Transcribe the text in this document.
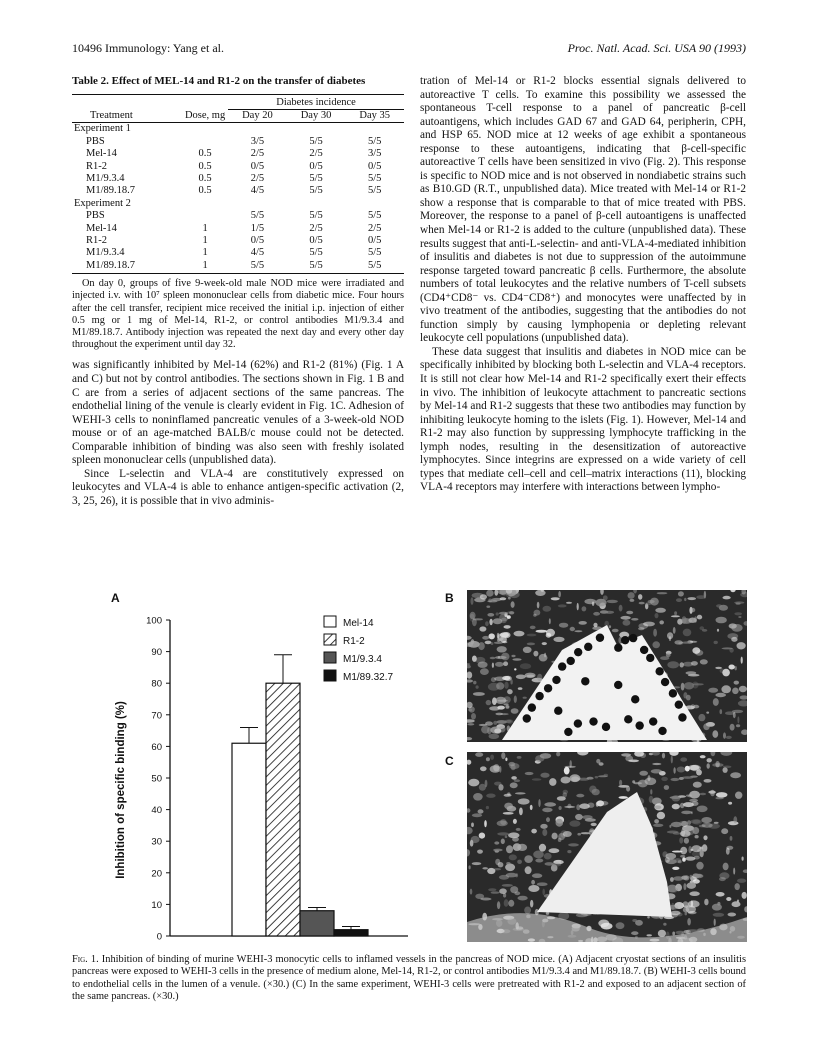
10496 Immunology: Yang et al.	Proc. Natl. Acad. Sci. USA 90 (1993)
Table 2. Effect of MEL-14 and R1-2 on the transfer of diabetes
Treatment	Dose, mg	Diabetes incidence		
		Day 20	Day 30	Day 35
Experiment 1				
PBS		3/5	5/5	5/5
Mel-14	0.5	2/5	2/5	3/5
R1-2	0.5	0/5	0/5	0/5
M1/9.3.4	0.5	2/5	5/5	5/5
M1/89.18.7	0.5	4/5	5/5	5/5
Experiment 2				
PBS		5/5	5/5	5/5
Mel-14	1	1/5	2/5	2/5
R1-2	1	0/5	0/5	0/5
M1/9.3.4	1	4/5	5/5	5/5
M1/89.18.7	1	5/5	5/5	5/5
On day 0, groups of five 9-week-old male NOD mice were irradiated and injected i.v. with 10⁷ spleen mononuclear cells from diabetic mice. Four hours after the cell transfer, recipient mice received the initial i.p. injection of either 0.5 mg or 1 mg of Mel-14, R1-2, or control antibodies M1/9.3.4 and M1/89.18.7. Antibody injection was repeated the next day and every other day throughout the experiment until day 32.

was significantly inhibited by Mel-14 (62%) and R1-2 (81%) (Fig. 1 A and C) but not by control antibodies. The sections shown in Fig. 1 B and C are from a series of adjacent sections of the same pancreas. The endothelial lining of the venule is clearly evident in Fig. 1C. Adhesion of WEHI-3 cells to noninflamed pancreatic venules of a 3-week-old NOD mouse or of an age-matched BALB/c mouse could not be detected. Comparable inhibition of binding was also seen with freshly isolated spleen mononuclear cells (unpublished data).

Since L-selectin and VLA-4 are constitutively expressed on leukocytes and VLA-4 is able to enhance antigen-specific activation (2, 3, 25, 26), it is possible that in vivo adminis-

tration of Mel-14 or R1-2 blocks essential signals delivered to autoreactive T cells. To examine this possibility we assessed the spontaneous T-cell response to a panel of pancreatic β-cell autoantigens, which includes GAD 67 and GAD 64, peripherin, CPH, and HSP 65. NOD mice at 12 weeks of age exhibit a spontaneous response to these autoantigens, indicating that β-cell-specific autoreactive T cells have been sensitized in vivo (Fig. 2). This response is specific to NOD mice and is not observed in nondiabetic strains such as B10.GD (R.T., unpublished data). Mice treated with Mel-14 or R1-2 show a response that is comparable to that of mice treated with PBS. Moreover, the response to a panel of β-cell autoantigens is unaffected when Mel-14 or R1-2 is added to the culture (unpublished data). These results suggest that anti-L-selectin- and anti-VLA-4-mediated inhibition of insulitis and diabetes is not due to suppression of the autoimmune response targeted toward pancreatic β cells. Furthermore, the absolute numbers of total leukocytes and the relative numbers of T-cell subsets (CD4⁺CD8⁻ vs. CD4⁻CD8⁺) and monocytes were unaffected by in vivo treatment of the antibodies, suggesting that the antibodies do not function simply by causing lymphopenia or depleting relevant leukocyte cell populations (unpublished data).

These data suggest that insulitis and diabetes in NOD mice can be specifically inhibited by blocking both L-selectin and VLA-4 receptors. It is still not clear how Mel-14 and R1-2 specifically exert their effects in vivo. The inhibition of leukocyte attachment to pancreatic sections by Mel-14 and R1-2 suggests that these two antibodies may function by inhibiting leukocyte homing to the islets (Fig. 1). However, Mel-14 and R1-2 may also function by suppressing lymphocyte trafficking in the lymph nodes, resulting in the desensitization of autoreactive lymphocytes. Since integrins are expressed on a wide variety of cell types that mediate cell–cell and cell–matrix interactions (11), blocking VLA-4 receptors may interfere with interactions between lympho-

A	B
C
Inhibition of specific binding (%)
0
10
20
30
40
50
60
70
80
90
100	Mel-14
R1-2
M1/9.3.4
M1/89.32.7
Fig. 1. Inhibition of binding of murine WEHI-3 monocytic cells to inflamed vessels in the pancreas of NOD mice. (A) Adjacent cryostat sections of an insulitis pancreas were exposed to WEHI-3 cells in the presence of medium alone, Mel-14, R1-2, or control antibodies M1/9.3.4 and M1/89.18.7. (B) WEHI-3 cells bound to endothelial cells in the lumen of a venule. (×30.) (C) In the same experiment, WEHI-3 cells were pretreated with R1-2 and exposed to an adjacent section of the same pancreas. (×30.)
